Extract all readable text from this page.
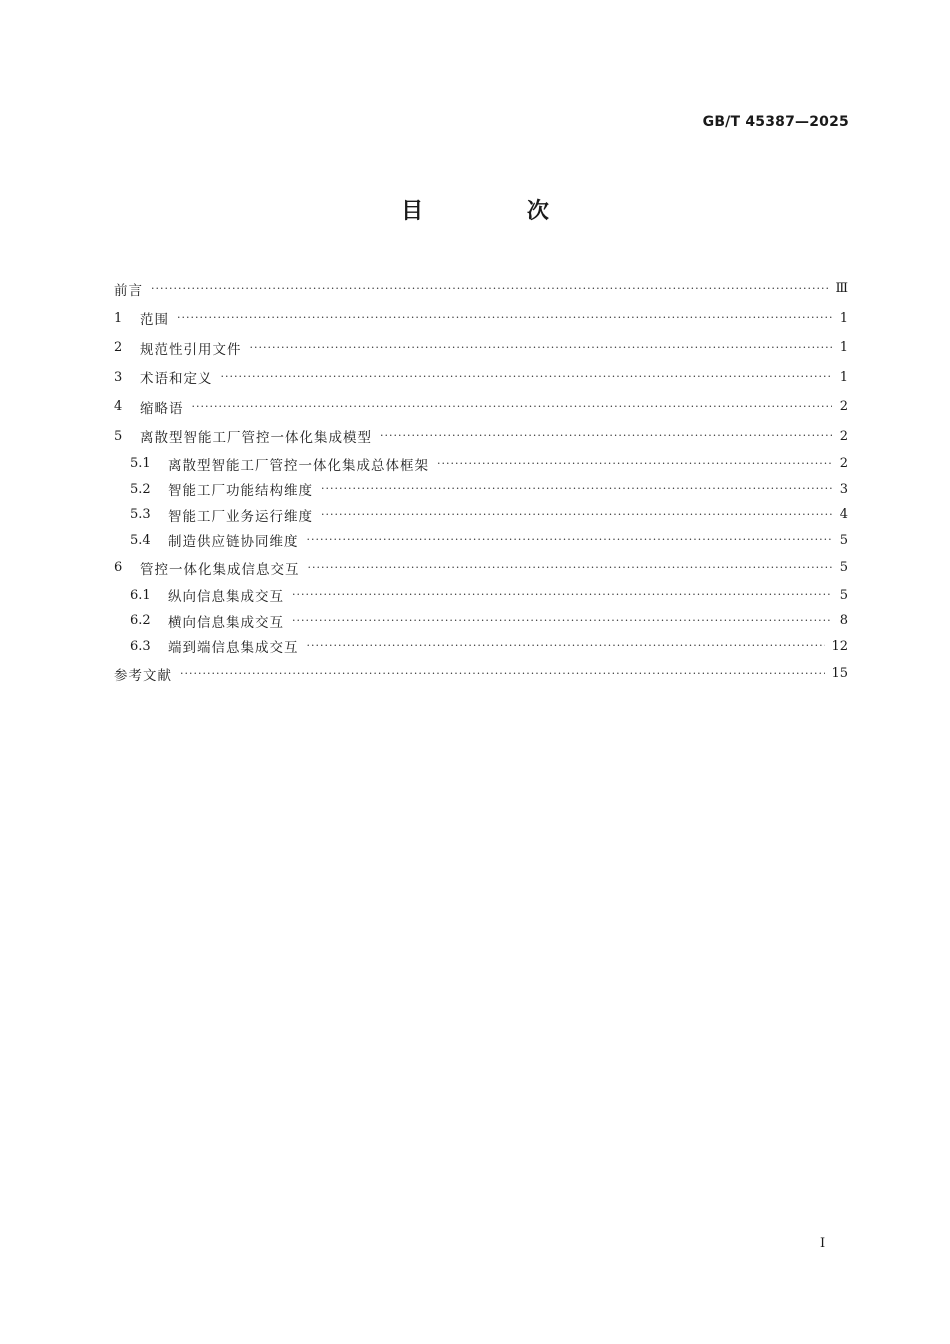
GB/T 45387—2025
目 次
前言 ·····	Ⅲ
1	范围 ·····	1
2	规范性引用文件 ·····	1
3	术语和定义 ·····	1
4	缩略语 ·····	2
5	离散型智能工厂管控一体化集成模型 ·····	2
5.1	离散型智能工厂管控一体化集成总体框架 ·····	2
5.2	智能工厂功能结构维度 ·····	3
5.3	智能工厂业务运行维度 ·····	4
5.4	制造供应链协同维度 ·····	5
6	管控一体化集成信息交互 ·····	5
6.1	纵向信息集成交互 ·····	5
6.2	横向信息集成交互 ·····	8
6.3	端到端信息集成交互 ·····	12
参考文献 ·····	15
Ⅰ
